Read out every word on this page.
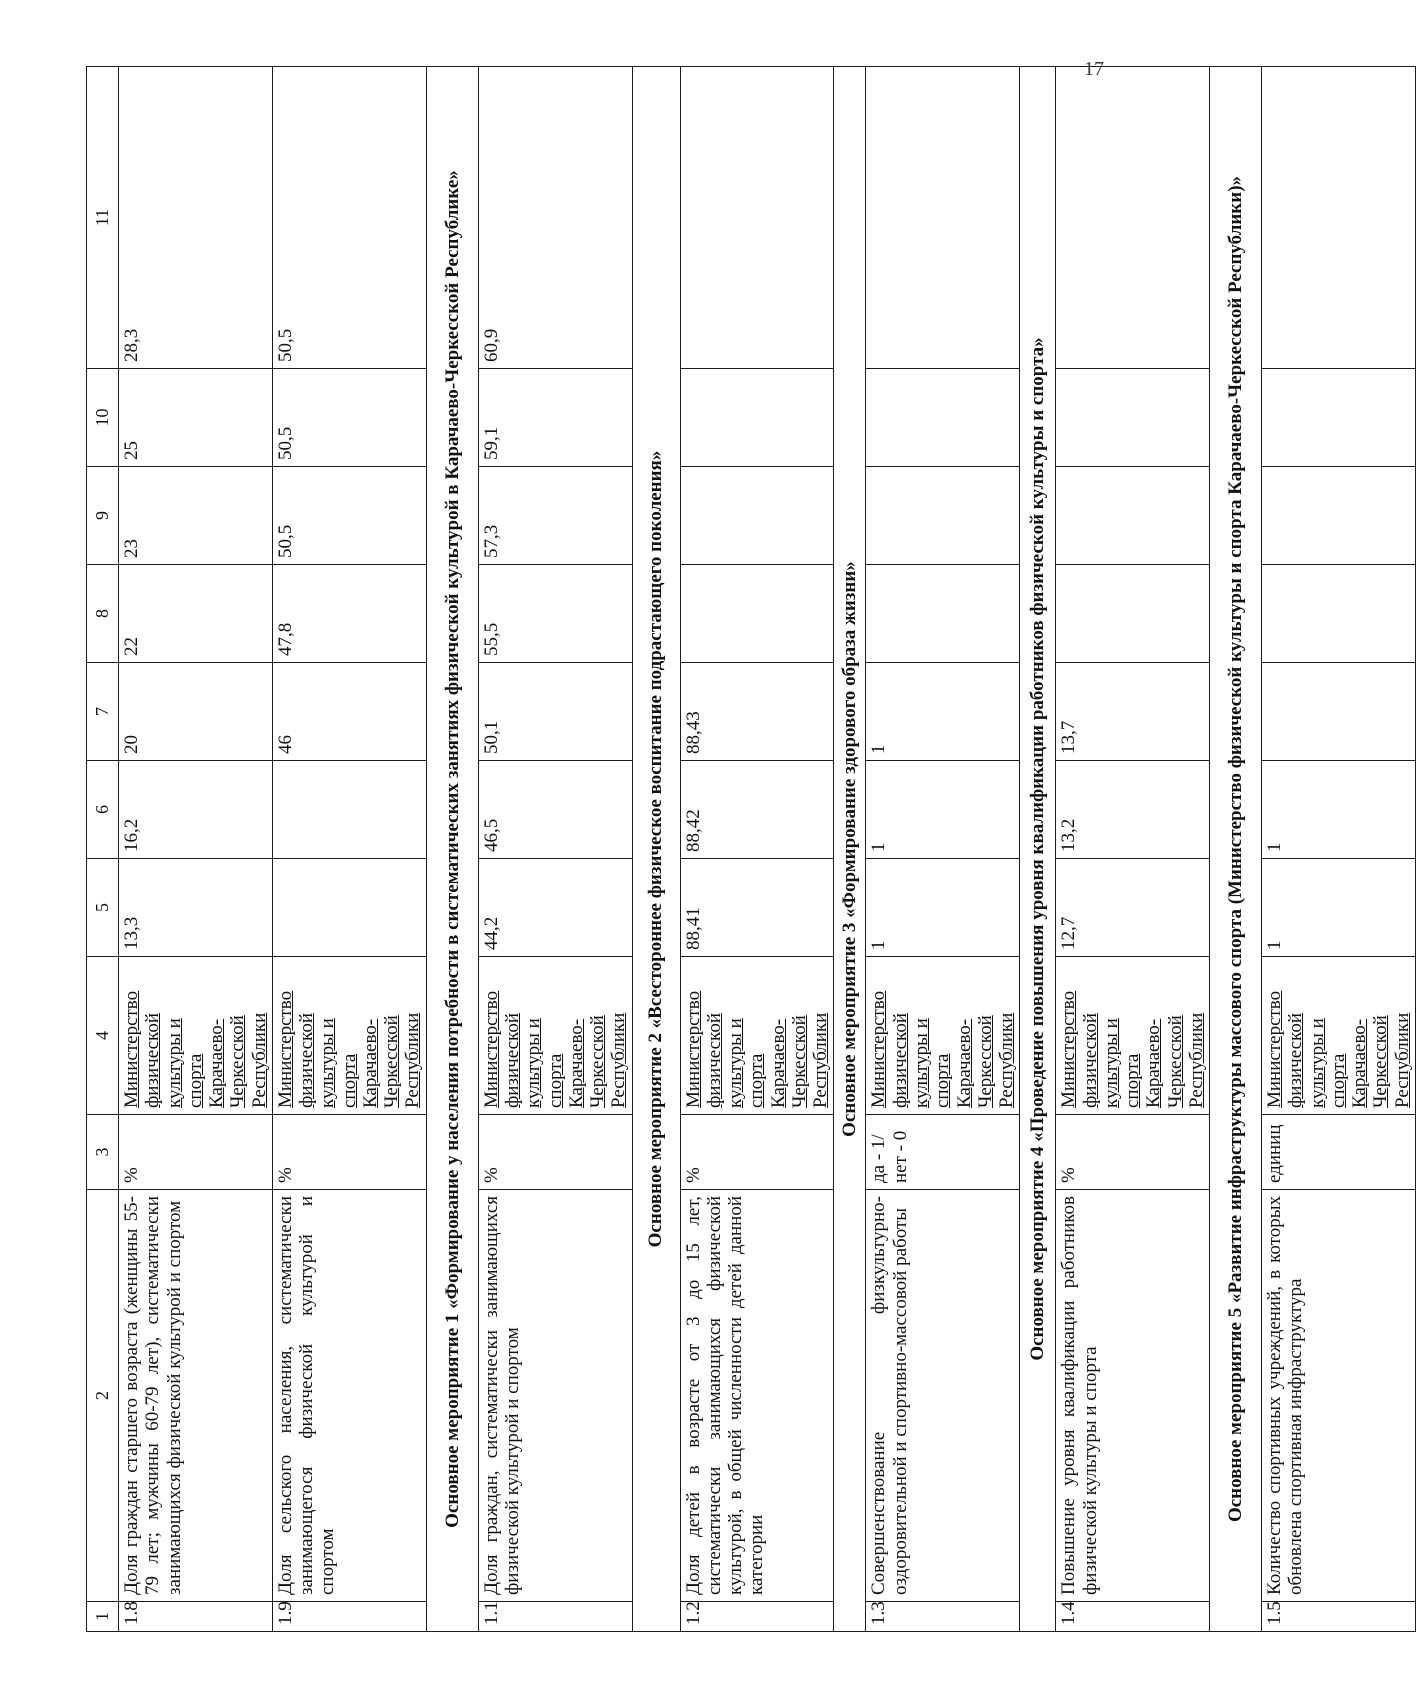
17
1	2	3	4	5	6	7	8	9	10	11
1.8	Доля граждан старшего возраста (женщины 55-79 лет; мужчины 60-79 лет), систематически занимающихся физической культурой и спортом	%	Министерство физической культуры и спорта Карачаево-Черкесской Республики	13,3	16,2	20	22	23	25	28,3
1.9	Доля сельского населения, систематически занимающегося физической культурой и спортом	%	Министерство физической культуры и спорта Карачаево-Черкесской Республики			46	47,8	50,5	50,5	50,5
Основное мероприятие 1 «Формирование у населения потребности в систематических занятиях физической культурой в Карачаево-Черкесской Республике»										
1.1	Доля граждан, систематически занимающихся физической культурой и спортом	%	Министерство физической культуры и спорта Карачаево-Черкесской Республики	44,2	46,5	50,1	55,5	57,3	59,1	60,9
Основное мероприятие 2 «Всестороннее физическое воспитание подрастающего поколения»										
1.2	Доля детей в возрасте от 3 до 15 лет, систематически занимающихся физической культурой, в общей численности детей данной категории	%	Министерство физической культуры и спорта Карачаево-Черкесской Республики	88,41	88,42	88,43				
Основное мероприятие 3 «Формирование здорового образа жизни»										
1.3	Совершенствование физкультурно-оздоровительной и спортивно-массовой работы	да - 1/ нет - 0	Министерство физической культуры и спорта Карачаево-Черкесской Республики	1	1	1				
Основное мероприятие 4 «Проведение повышения уровня квалификации работников физической культуры и спорта»										
1.4	Повышение уровня квалификации работников физической культуры и спорта	%	Министерство физической культуры и спорта Карачаево-Черкесской Республики	12,7	13,2	13,7				
Основное мероприятие 5 «Развитие инфраструктуры массового спорта (Министерство физической культуры и спорта Карачаево-Черкесской Республики)»										
1.5	Количество спортивных учреждений, в которых обновлена спортивная инфраструктура	единиц	Министерство физической культуры и спорта Карачаево-Черкесской Республики	1	1					
